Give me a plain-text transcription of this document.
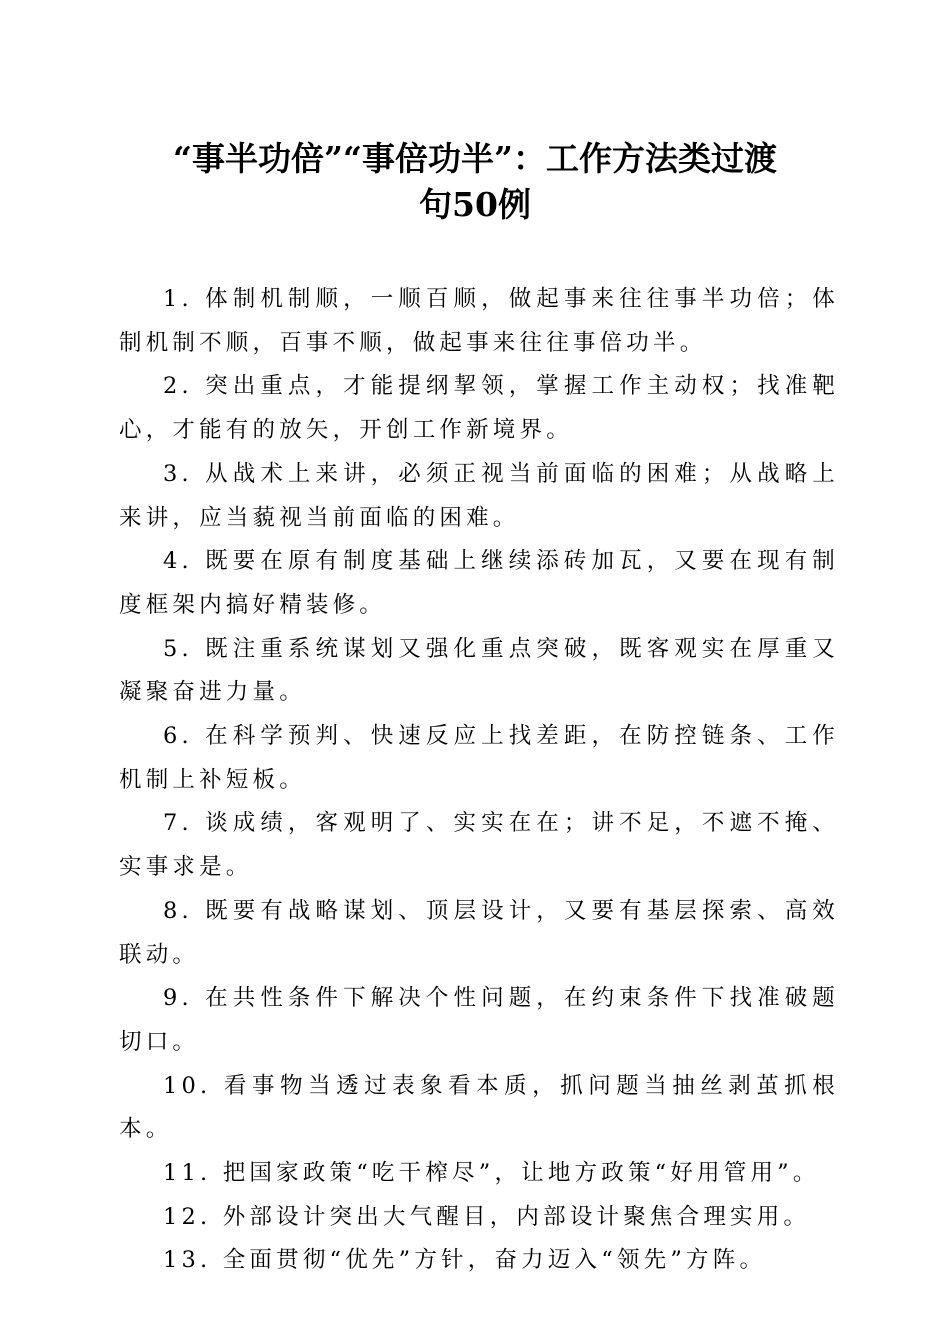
“事半功倍”“事倍功半”：工作方法类过渡
句50例

1. 体制机制顺，一顺百顺，做起事来往往事半功倍；体制机制不顺，百事不顺，做起事来往往事倍功半。

2. 突出重点，才能提纲挈领，掌握工作主动权；找准靶心，才能有的放矢，开创工作新境界。

3. 从战术上来讲，必须正视当前面临的困难；从战略上来讲，应当藐视当前面临的困难。

4. 既要在原有制度基础上继续添砖加瓦，又要在现有制度框架内搞好精装修。

5. 既注重系统谋划又强化重点突破，既客观实在厚重又凝聚奋进力量。

6. 在科学预判、快速反应上找差距，在防控链条、工作机制上补短板。

7. 谈成绩，客观明了、实实在在；讲不足，不遮不掩、实事求是。

8. 既要有战略谋划、顶层设计，又要有基层探索、高效联动。

9. 在共性条件下解决个性问题，在约束条件下找准破题切口。

10. 看事物当透过表象看本质，抓问题当抽丝剥茧抓根本。

11. 把国家政策“吃干榨尽”，让地方政策“好用管用”。

12. 外部设计突出大气醒目，内部设计聚焦合理实用。

13. 全面贯彻“优先”方针，奋力迈入“领先”方阵。
